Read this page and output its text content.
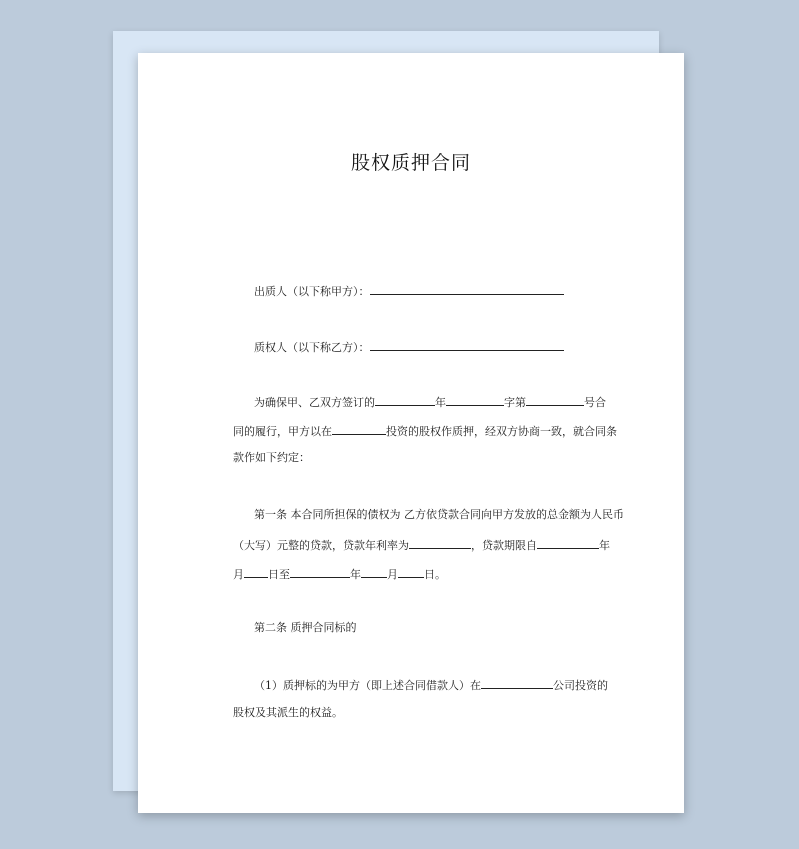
股权质押合同
出质人（以下称甲方）：
质权人（以下称乙方）：
为确保甲、乙双方签订的	年	字第	号合
同的履行，甲方以在	投资的股权作质押，经双方协商一致，就合同条
款作如下约定：
第一条 本合同所担保的债权为 乙方依贷款合同向甲方发放的总金额为人民币
（大写）元整的贷款，贷款年利率为	，贷款期限自	年
月 日至	年 月 日。
第二条 质押合同标的
（1）质押标的为甲方（即上述合同借款人）在	公司投资的
股权及其派生的权益。
